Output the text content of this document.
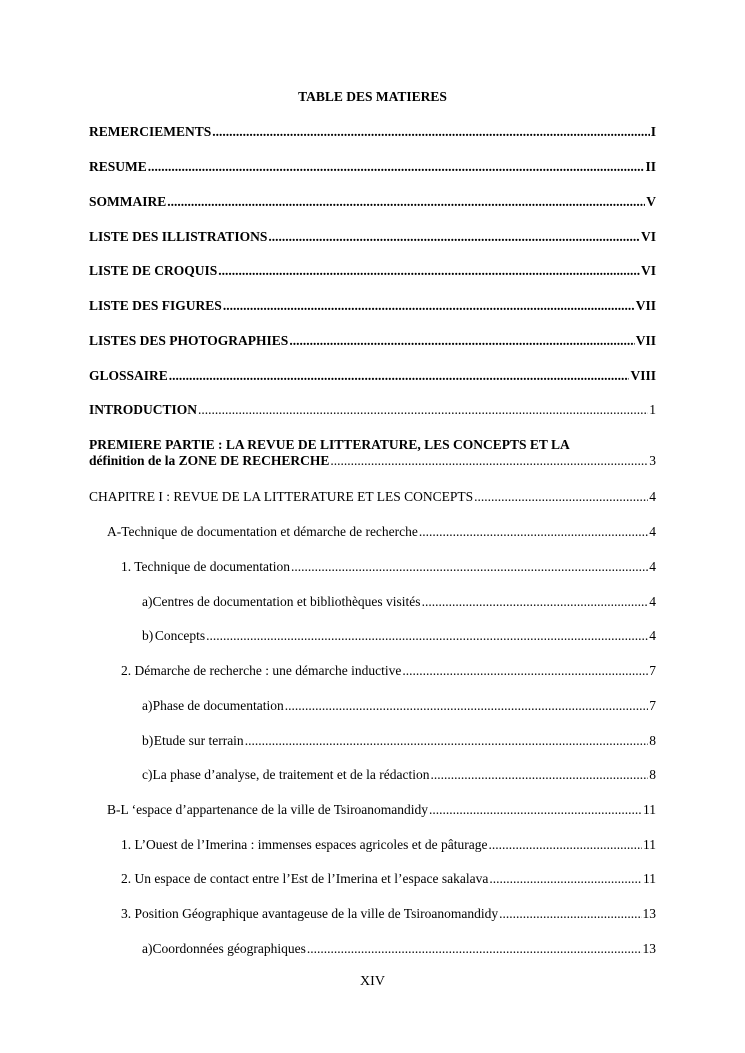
TABLE DES MATIERES
REMERCIEMENTS .....	I
RESUME .....	II
SOMMAIRE .....	V
LISTE DES ILLISTRATIONS .....	VI
LISTE DE CROQUIS .....	VI
LISTE DES FIGURES .....	VII
LISTES DES PHOTOGRAPHIES .....	VII
GLOSSAIRE .....	VIII
INTRODUCTION .....	1
PREMIERE PARTIE : LA REVUE DE LITTERATURE, LES CONCEPTS ET LA
définition de la ZONE DE RECHERCHE .....	3
CHAPITRE I : REVUE DE LA LITTERATURE ET LES CONCEPTS .....	4
A-Technique de documentation et démarche de recherche .....	4
1. Technique de documentation .....	4
a)Centres de documentation et bibliothèques visités .....	4
b) Concepts .....	4
2. Démarche de recherche : une démarche inductive .....	7
a) Phase de documentation .....	7
b) Etude sur terrain .....	8
c) La phase d’analyse, de traitement et de la rédaction .....	8
B-L ‘espace d’appartenance de la ville de Tsiroanomandidy .....	11
1. L’Ouest de l’Imerina : immenses espaces agricoles et de pâturage .....	11
2. Un espace de contact entre l’Est de l’Imerina et l’espace sakalava .....	11
3. Position Géographique avantageuse de la ville de Tsiroanomandidy .....	13
a) Coordonnées géographiques .....	13
XIV
